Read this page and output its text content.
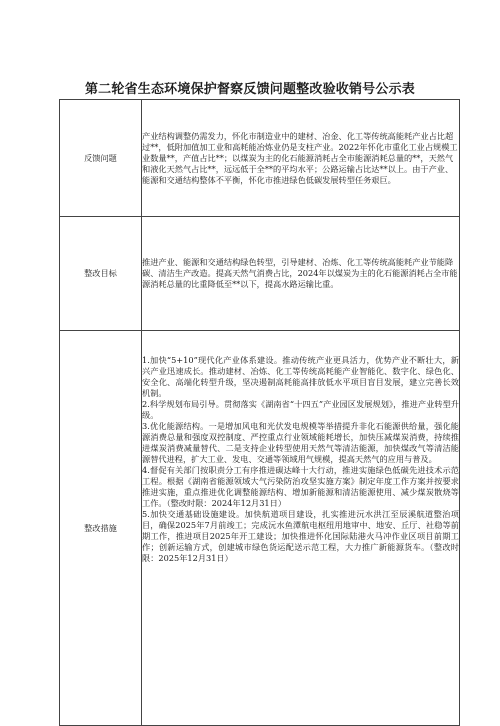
第二轮省生态环境保护督察反馈问题整改验收销号公示表
反馈问题	产业结构调整仍需发力，怀化市制造业中的建材、冶金、化工等传统高能耗产业占比超过**，低附加值加工业和高耗能冶炼业仍是支柱产业。2022年怀化市重化工业占规模工业数量**，产值占比**；以煤炭为主的化石能源消耗占全市能源消耗总量的**，天然气和液化天然气占比**，远远低于全**的平均水平；公路运输占比达**以上。由于产业、能源和交通结构整体不平衡，怀化市推进绿色低碳发展转型任务艰巨。

整改目标	推进产业、能源和交通结构绿色转型，引导建材、冶炼、化工等传统高能耗产业节能降碳、清洁生产改造。提高天然气消费占比，2024年以煤炭为主的化石能源消耗占全市能源消耗总量的比重降低至**以下，提高水路运输比重。

整改措施	1.加快“5+10”现代化产业体系建设。推动传统产业更具活力，优势产业不断壮大，新兴产业迅速成长。推动建材、冶炼、化工等传统高耗能产业智能化、数字化、绿色化、安全化、高端化转型升级，坚决遏制高耗能高排放低水平项目盲目发展，建立完善长效机制。
2.科学规划布局引导。贯彻落实《湖南省“十四五”产业园区发展规划》，推进产业转型升级。
3.优化能源结构。一是增加风电和光伏发电规模等举措提升非化石能源供给量，强化能源消费总量和强度双控制度、严控重点行业领域能耗增长，加快压减煤炭消费，持续推进煤炭消费减量替代、二是支持企业转型使用天然气等清洁能源，加快煤改气等清洁能源替代进程，扩大工业、发电、交通等领域用气规模，提高天然气的应用与普及。
4.督促有关部门按职责分工有序推进碳达峰十大行动，推进实施绿色低碳先进技术示范工程。根据《湖南省能源领域大气污染防治攻坚实施方案》制定年度工作方案并按要求推进实施，重点推进优化调整能源结构、增加新能源和清洁能源使用、减少煤炭散烧等工作。（整改时限：2024年12月31日）
5.加快交通基础设施建设。加快航道项目建设，扎实推进沅水洪江至辰溪航道整治项目，确保2025年7月前竣工；完成沅水鱼潭航电枢纽用地审中、地安、丘厅、社稳等前期工作，推进项目2025年开工建设；加快推进怀化国际陆港火马冲作业区项目前期工作；创新运输方式，创建城市绿色货运配送示范工程，大力推广新能源货车。（整改时限：2025年12月31日）
